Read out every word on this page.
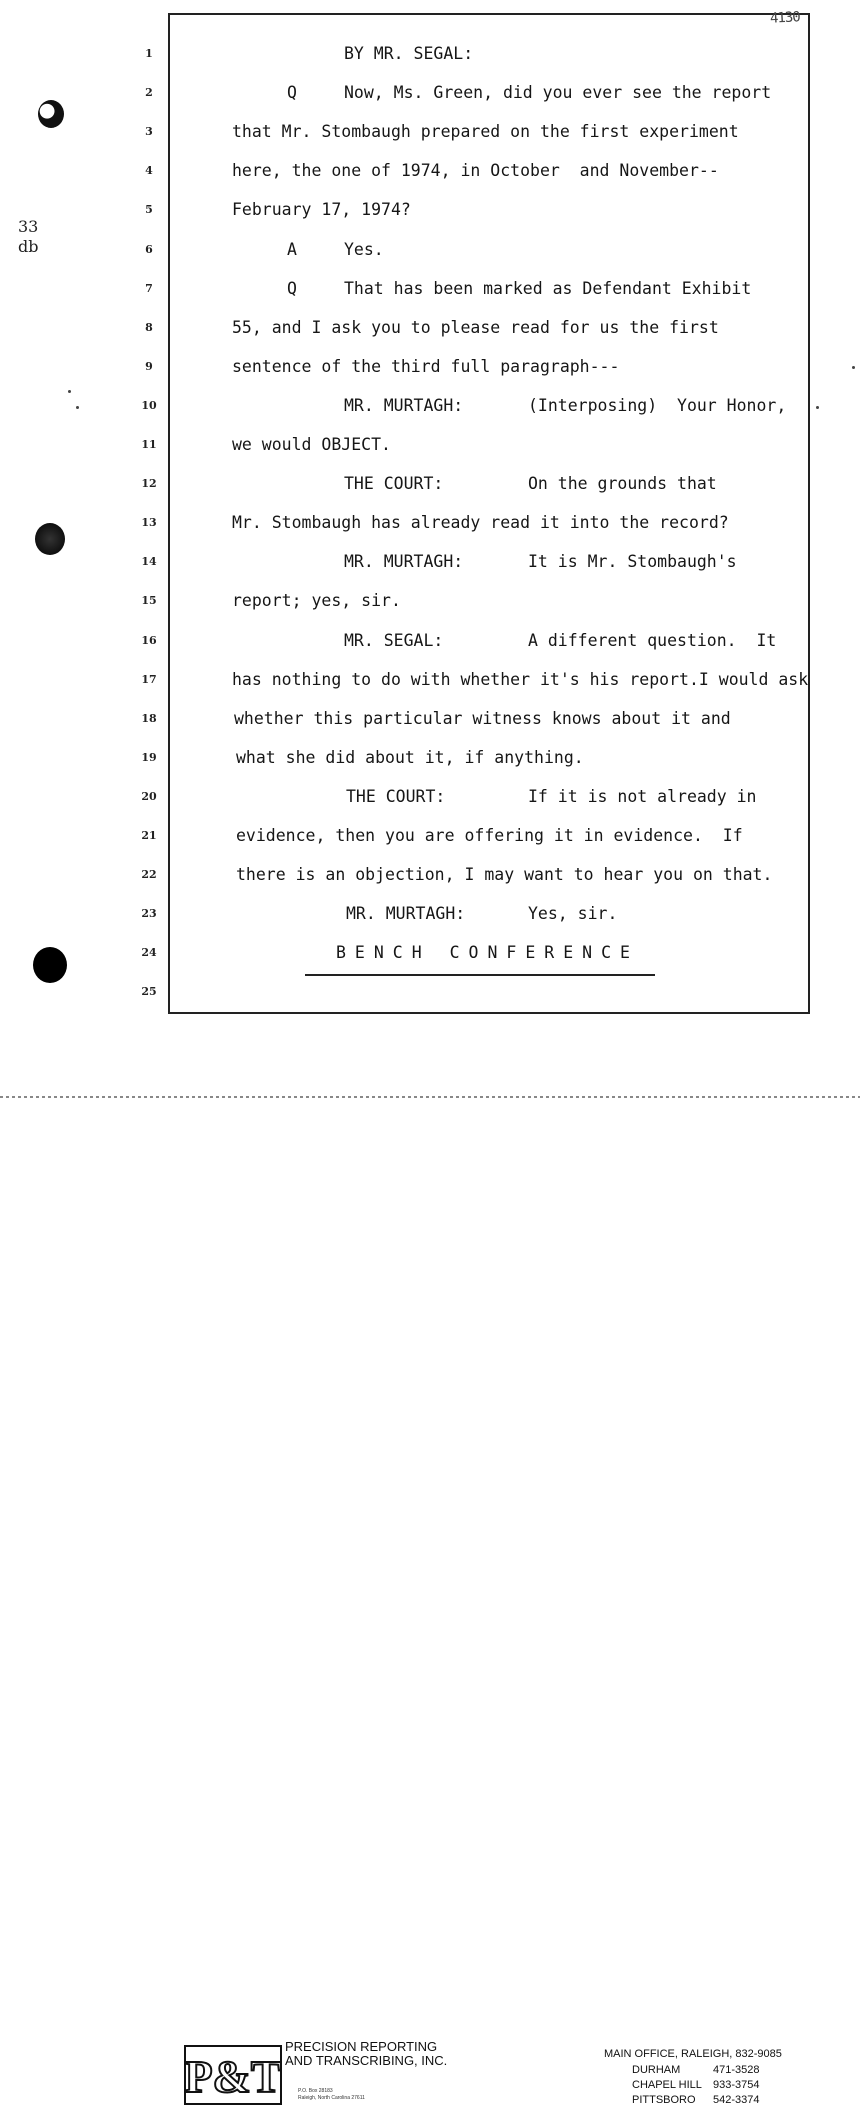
4130
33
db
1	BY MR. SEGAL:
2	Q	Now, Ms. Green, did you ever see the report
3	that Mr. Stombaugh prepared on the first experiment
4	here, the one of 1974, in October  and November--
5	February 17, 1974?
6	A	Yes.
7	Q	That has been marked as Defendant Exhibit
8	55, and I ask you to please read for us the first
9	sentence of the third full paragraph---
10	MR. MURTAGH:	(Interposing)  Your Honor,
11	we would OBJECT.
12	THE COURT:	On the grounds that
13	Mr. Stombaugh has already read it into the record?
14	MR. MURTAGH:	It is Mr. Stombaugh's
15	report; yes, sir.
16	MR. SEGAL:	A different question.  It
17	has nothing to do with whether it's his report.I would ask
18	whether this particular witness knows about it and
19	what she did about it, if anything.
20	THE COURT:	If it is not already in
21	evidence, then you are offering it in evidence.  If
22	there is an objection, I may want to hear you on that.
23	MR. MURTAGH:	Yes, sir.
24	BENCH CONFERENCE
25
P&T
PRECISION REPORTING
AND TRANSCRIBING, INC.
P.O. Box 28183
Raleigh, North Carolina 27611
MAIN OFFICE, RALEIGH, 832-9085
DURHAM	471-3528
CHAPEL HILL 933-3754
PITTSBORO 542-3374
